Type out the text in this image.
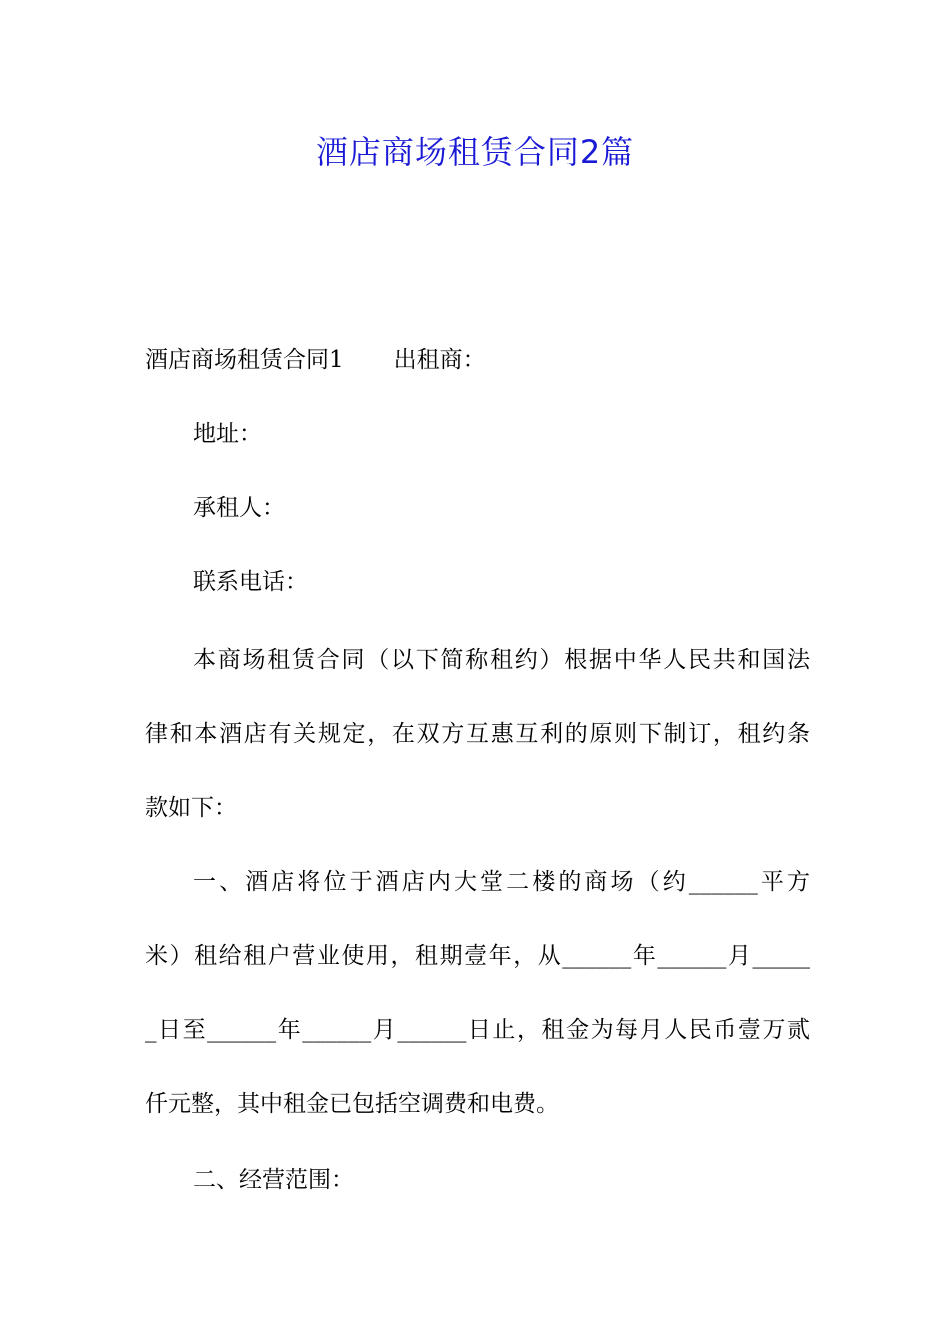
酒店商场租赁合同2篇

酒店商场租赁合同1 出租商：

地址：

承租人：

联系电话：

本商场租赁合同（以下简称租约）根据中华人民共和国法

律和本酒店有关规定，在双方互惠互利的原则下制订，租约条

款如下：

一、酒店将位于酒店内大堂二楼的商场（约______平方

米）租给租户营业使用，租期壹年，从______年______月_____

_日至______年______月______日止，租金为每月人民币壹万贰

仟元整，其中租金已包括空调费和电费。

二、经营范围：
